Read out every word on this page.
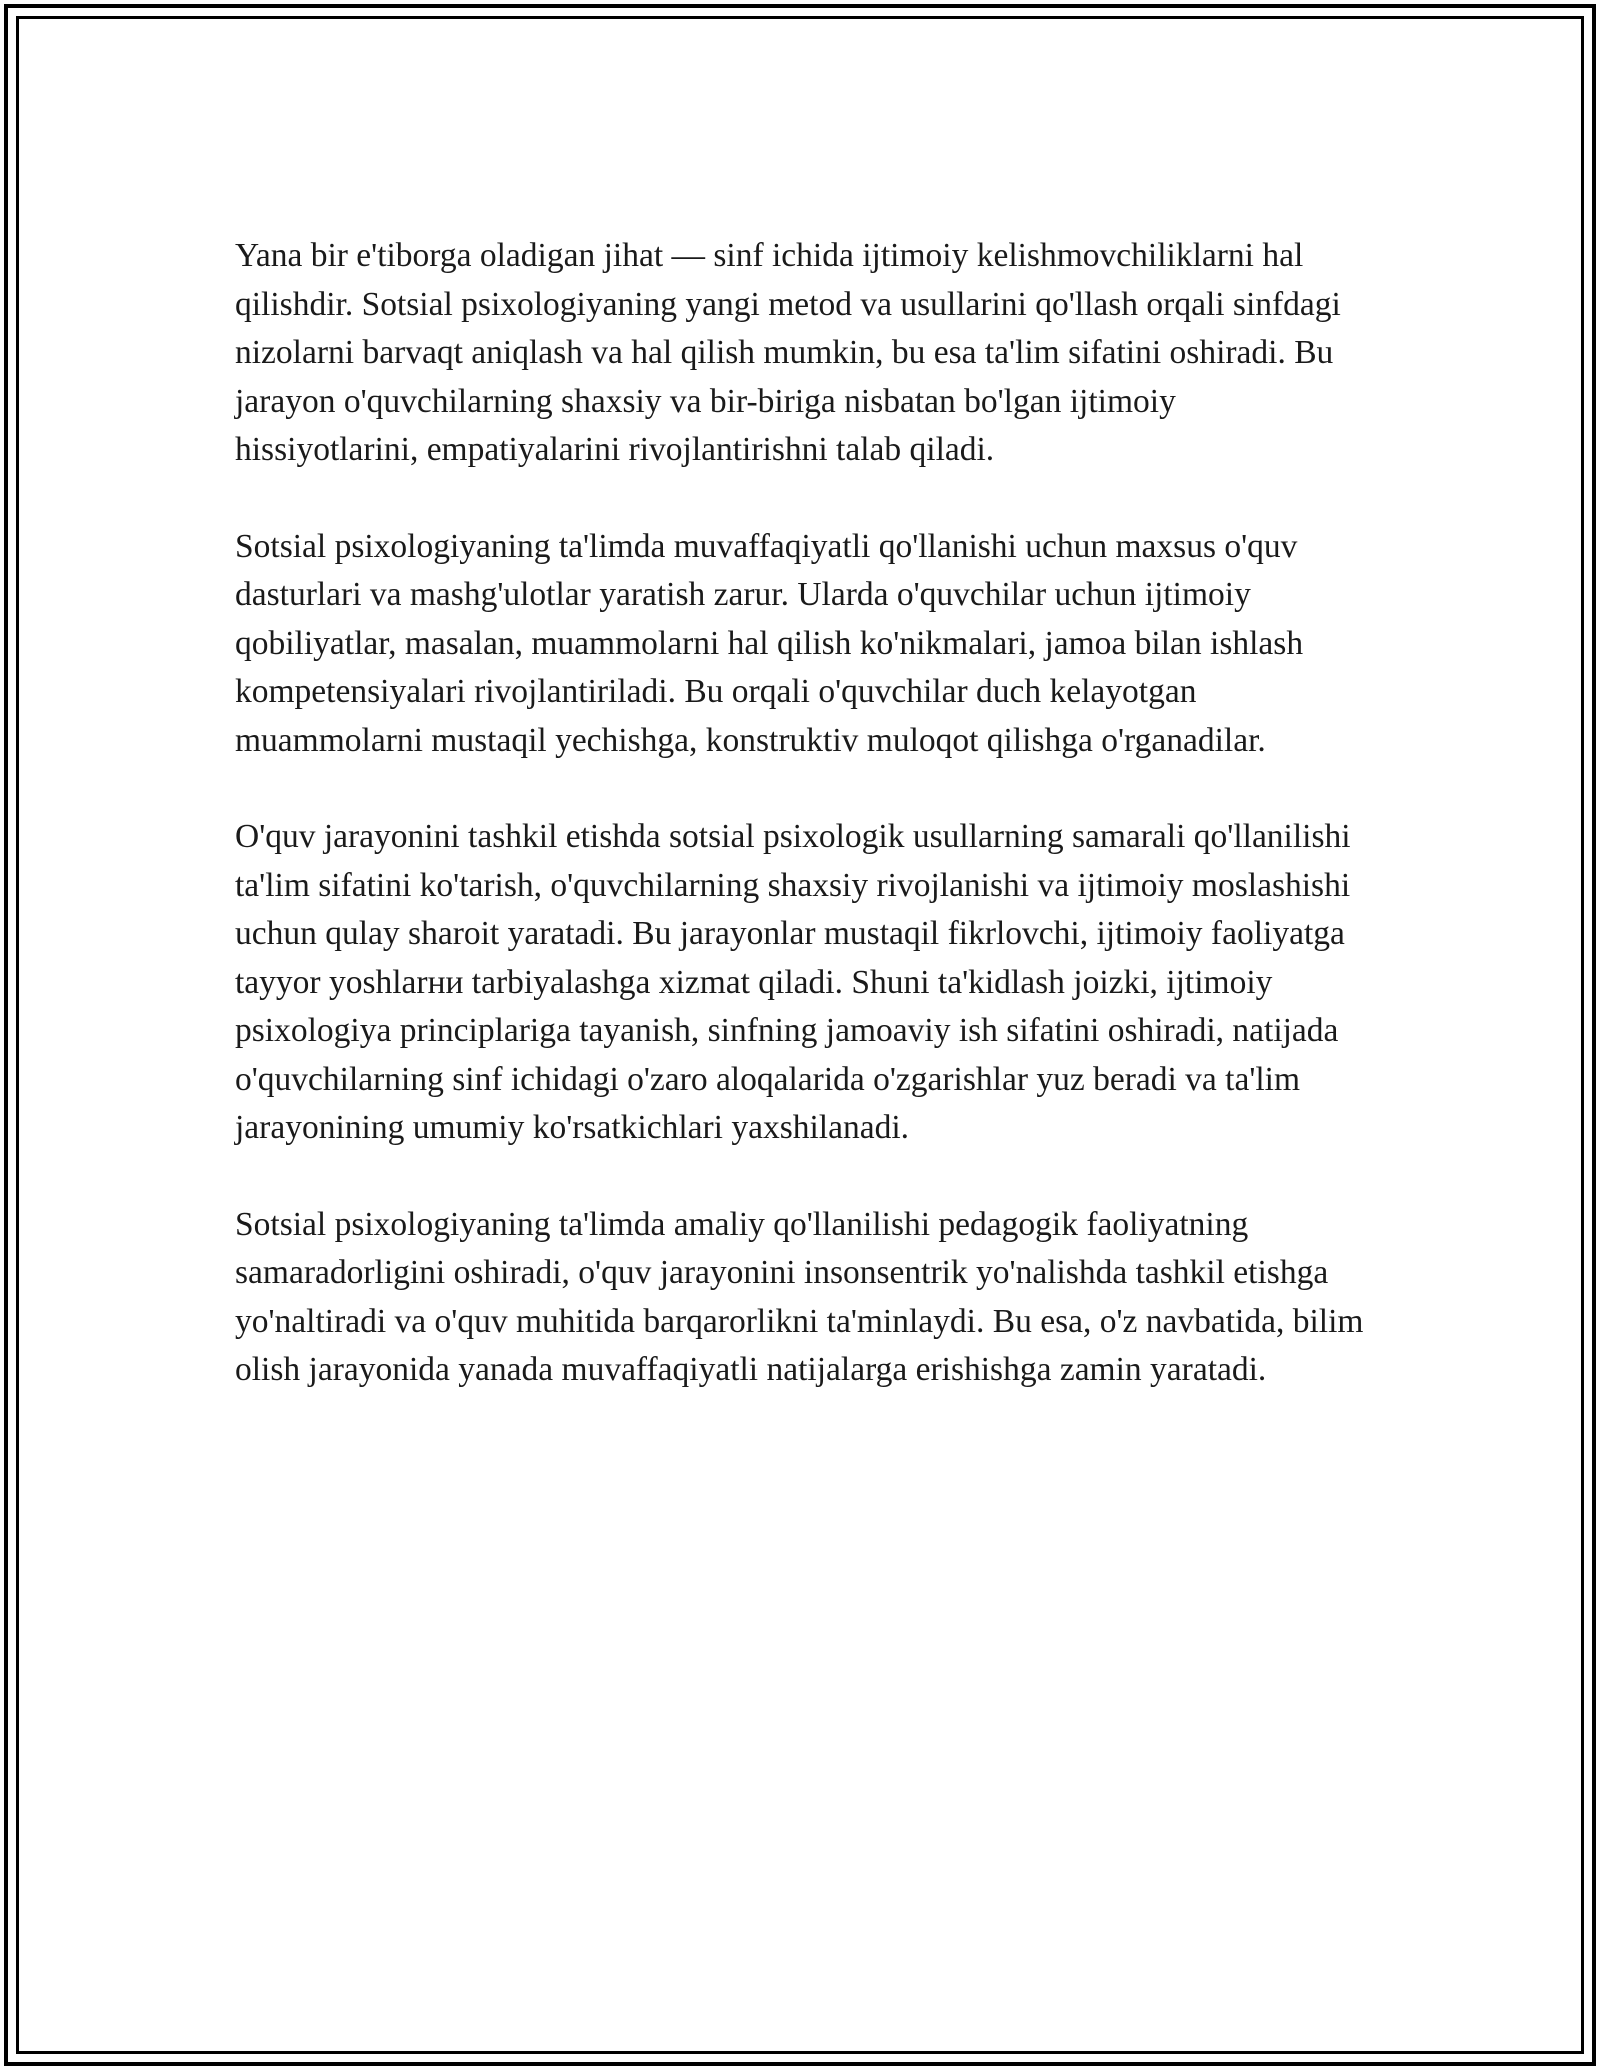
Yana bir e'tiborga oladigan jihat — sinf ichida ijtimoiy kelishmovchiliklarni hal qilishdir. Sotsial psixologiyaning yangi metod va usullarini qo'llash orqali sinfdagi nizolarni barvaqt aniqlash va hal qilish mumkin, bu esa ta'lim sifatini oshiradi. Bu jarayon o'quvchilarning shaxsiy va bir-biriga nisbatan bo'lgan ijtimoiy hissiyotlarini, empatiyalarini rivojlantirishni talab qiladi.

Sotsial psixologiyaning ta'limda muvaffaqiyatli qo'llanishi uchun maxsus o'quv dasturlari va mashg'ulotlar yaratish zarur. Ularda o'quvchilar uchun ijtimoiy qobiliyatlar, masalan, muammolarni hal qilish ko'nikmalari, jamoa bilan ishlash kompetensiyalari rivojlantiriladi. Bu orqali o'quvchilar duch kelayotgan muammolarni mustaqil yechishga, konstruktiv muloqot qilishga o'rganadilar.

O'quv jarayonini tashkil etishda sotsial psixologik usullarning samarali qo'llanilishi ta'lim sifatini ko'tarish, o'quvchilarning shaxsiy rivojlanishi va ijtimoiy moslashishi uchun qulay sharoit yaratadi. Bu jarayonlar mustaqil fikrlovchi, ijtimoiy faoliyatga tayyor yoshlarни tarbiyalashga xizmat qiladi. Shuni ta'kidlash joizki, ijtimoiy psixologiya principlariga tayanish, sinfning jamoaviy ish sifatini oshiradi, natijada o'quvchilarning sinf ichidagi o'zaro aloqalarida o'zgarishlar yuz beradi va ta'lim jarayonining umumiy ko'rsatkichlari yaxshilanadi.

Sotsial psixologiyaning ta'limda amaliy qo'llanilishi pedagogik faoliyatning samaradorligini oshiradi, o'quv jarayonini insonsentrik yo'nalishda tashkil etishga yo'naltiradi va o'quv muhitida barqarorlikni ta'minlaydi. Bu esa, o'z navbatida, bilim olish jarayonida yanada muvaffaqiyatli natijalarga erishishga zamin yaratadi.
